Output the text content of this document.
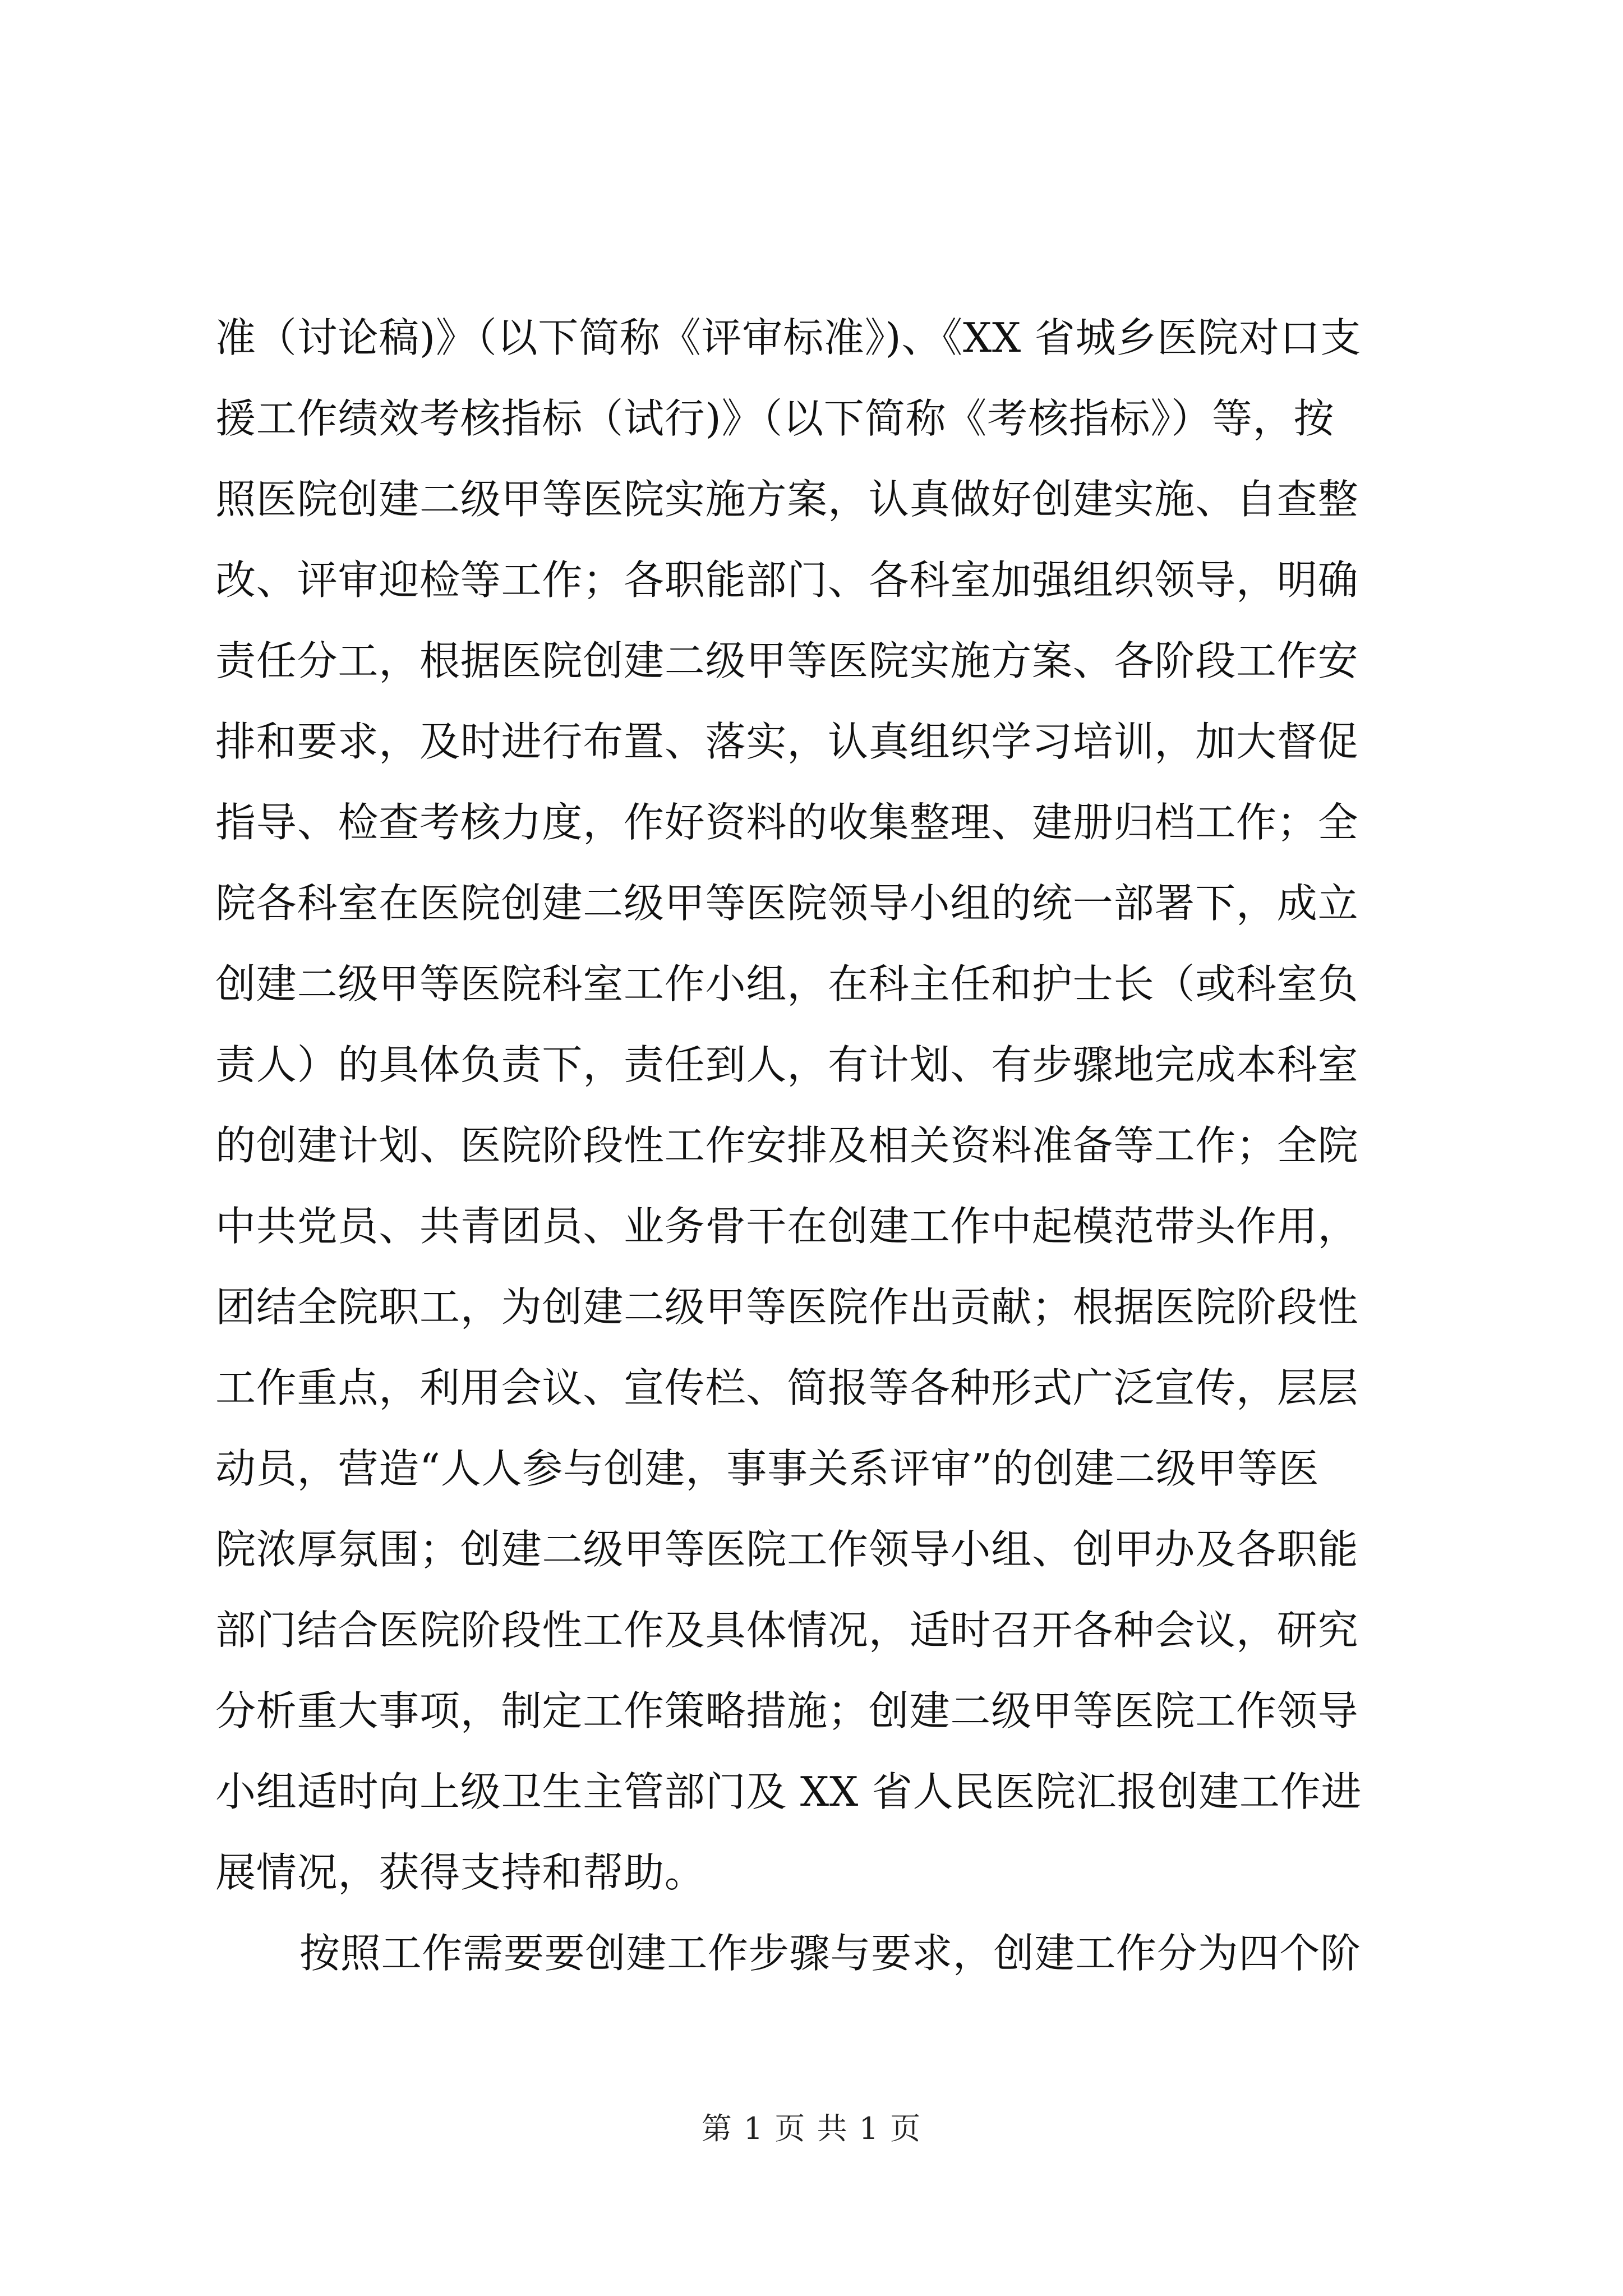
准（讨论稿)》（以下简称《评审标准》)、《XX 省城乡医院对口支
援工作绩效考核指标（试行)》（以下简称《考核指标》）等，按
照医院创建二级甲等医院实施方案，认真做好创建实施、自查整
改、评审迎检等工作；各职能部门、各科室加强组织领导，明确
责任分工，根据医院创建二级甲等医院实施方案、各阶段工作安
排和要求，及时进行布置、落实，认真组织学习培训，加大督促
指导、检查考核力度，作好资料的收集整理、建册归档工作；全
院各科室在医院创建二级甲等医院领导小组的统一部署下，成立
创建二级甲等医院科室工作小组，在科主任和护士长（或科室负
责人）的具体负责下，责任到人，有计划、有步骤地完成本科室
的创建计划、医院阶段性工作安排及相关资料准备等工作；全院
中共党员、共青团员、业务骨干在创建工作中起模范带头作用，
团结全院职工，为创建二级甲等医院作出贡献；根据医院阶段性
工作重点，利用会议、宣传栏、简报等各种形式广泛宣传，层层
动员，营造“人人参与创建，事事关系评审”的创建二级甲等医
院浓厚氛围；创建二级甲等医院工作领导小组、创甲办及各职能
部门结合医院阶段性工作及具体情况，适时召开各种会议，研究
分析重大事项，制定工作策略措施；创建二级甲等医院工作领导
小组适时向上级卫生主管部门及 XX 省人民医院汇报创建工作进
展情况，获得支持和帮助。
按照工作需要要创建工作步骤与要求，创建工作分为四个阶
第 1 页 共 1 页
